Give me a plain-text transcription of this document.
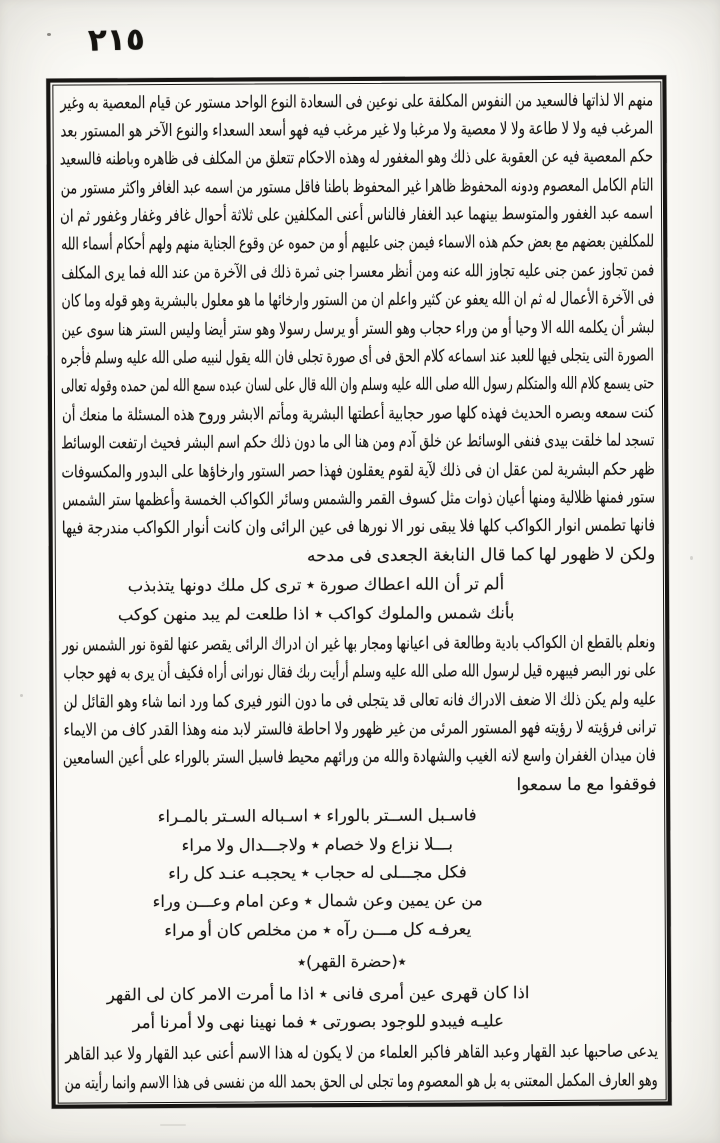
٢١٥
منهم الا لذاتها فالسعيد من النفوس المكلفة على نوعين فى السعادة النوع الواحد مستور عن قيام المعصية به وغير
المرغب فيه ولا لا طاعة ولا لا معصية ولا مرغبا ولا غير مرغب فيه فهو أسعد السعداء والنوع الآخر هو المستور بعد
حكم المعصية فيه عن العقوبة على ذلك وهو المغفور له وهذه الاحكام تتعلق من المكلف فى ظاهره وباطنه فالسعيد
التام الكامل المعصوم ودونه المحفوظ ظاهرا غير المحفوظ باطنا فاقل مستور من اسمه عبد الغافر واكثر مستور من
اسمه عبد الغفور والمتوسط بينهما عبد الغفار فالناس أعنى المكلفين على ثلاثة أحوال غافر وغفار وغفور ثم ان
للمكلفين بعضهم مع بعض حكم هذه الاسماء فيمن جنى عليهم أو من حموه عن وقوع الجناية منهم ولهم أحكام أسماء الله
فمن تجاوز عمن جنى عليه تجاوز الله عنه ومن أنظر معسرا جنى ثمرة ذلك فى الآخرة من عند الله فما يرى المكلف
فى الآخرة الأعمال له ثم ان الله يعفو عن كثير واعلم ان من الستور وارخائها ما هو معلول بالبشرية وهو قوله وما كان
لبشر أن يكلمه الله الا وحيا أو من وراء حجاب وهو الستر أو يرسل رسولا وهو ستر أيضا وليس الستر هنا سوى عين
الصورة التى يتجلى فيها للعبد عند اسماعه كلام الحق فى أى صورة تجلى فان الله يقول لنبيه صلى الله عليه وسلم فأجره
حتى يسمع كلام الله والمتكلم رسول الله صلى الله عليه وسلم وان الله قال على لسان عبده سمع الله لمن حمده وقوله تعالى
كنت سمعه وبصره الحديث فهذه كلها صور حجابية أعطتها البشرية ومأتم الابشر وروح هذه المسئلة ما منعك أن
تسجد لما خلقت بيدى فنفى الوسائط عن خلق آدم ومن هنا الى ما دون ذلك حكم اسم البشر فحيث ارتفعت الوسائط
ظهر حكم البشرية لمن عقل ان فى ذلك لآية لقوم يعقلون فهذا حصر الستور وارخاؤها على البدور والمكسوفات
ستور فمنها ظلالية ومنها أعيان ذوات مثل كسوف القمر والشمس وسائر الكواكب الخمسة وأعظمها ستر الشمس
فانها تطمس انوار الكواكب كلها فلا يبقى نور الا نورها فى عين الرائى وان كانت أنوار الكواكب مندرجة فيها
ولكن لا ظهور لها كما قال النابغة الجعدى فى مدحه
ألم تر أن الله اعطاك صورة ٭ ترى كل ملك دونها يتذبذب
بأنك شمس والملوك كواكب ٭ اذا طلعت لم يبد منهن كوكب
ونعلم بالقطع ان الكواكب بادية وطالعة فى اعيانها ومجار بها غير ان ادراك الرائى يقصر عنها لقوة نور الشمس نور
على نور البصر فيبهره قيل لرسول الله صلى الله عليه وسلم أرأيت ربك فقال نورانى أراه فكيف أن يرى به فهو حجاب
عليه ولم يكن ذلك الا ضعف الادراك فانه تعالى قد يتجلى فى ما دون النور فيرى كما ورد انما شاء وهو القائل لن
ترانى فرؤيته لا رؤيته فهو المستور المرئى من غير ظهور ولا احاطة فالستر لابد منه وهذا القدر كاف من الايماء
فان ميدان الغفران واسع لانه الغيب والشهادة والله من ورائهم محيط فاسبل الستر بالوراء على أعين السامعين
فوقفوا مع ما سمعوا
فاسـبل الســتر بالوراء ٭ اسـباله السـتر بالمـراء
بـــلا نزاع ولا خصام ٭ ولاجـــدال ولا مراء
فكل مجـــلى له حجاب ٭ يحجبـه عنـد كل راء
من عن يمين وعن شمال ٭ وعن امام وعـــن وراء
يعرفـه كل مـــن رآه ٭ من مخلص كان أو مراء
٭(حضرة القهر)٭
اذا كان قهرى عين أمرى فانى ٭ اذا ما أمرت الامر كان لى القهر
عليـه فيبدو للوجود بصورتى ٭ فما نهينا نهى ولا أمرنا أمر
يدعى صاحبها عبد القهار وعبد القاهر فاكبر العلماء من لا يكون له هذا الاسم أعنى عبد القهار ولا عبد القاهر
وهو العارف المكمل المعتنى به بل هو المعصوم وما تجلى لى الحق بحمد الله من نفسى فى هذا الاسم وانما رأيته من
